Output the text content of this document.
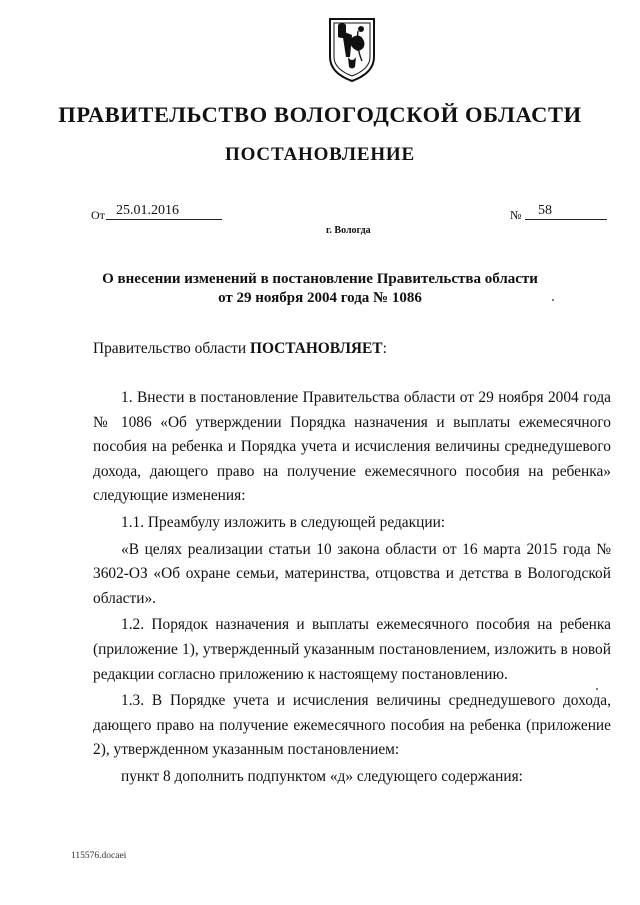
ПРАВИТЕЛЬСТВО ВОЛОГОДСКОЙ ОБЛАСТИ
ПОСТАНОВЛЕНИЕ
От 25.01.2016	№ 58
г. Вологда
О внесении изменений в постановление Правительства области
от 29 ноября 2004 года № 1086
Правительство области ПОСТАНОВЛЯЕТ:

1. Внести в постановление Правительства области от 29 ноября 2004 года № 1086 «Об утверждении Порядка назначения и выплаты ежемесячного пособия на ребенка и Порядка учета и исчисления величины среднедушевого дохода, дающего право на получение ежемесячного пособия на ребенка» следующие изменения:

1.1. Преамбулу изложить в следующей редакции:

«В целях реализации статьи 10 закона области от 16 марта 2015 года № 3602-ОЗ «Об охране семьи, материнства, отцовства и детства в Вологодской области».

1.2. Порядок назначения и выплаты ежемесячного пособия на ребенка (приложение 1), утвержденный указанным постановлением, изложить в новой редакции согласно приложению к настоящему постановлению.

1.3. В Порядке учета и исчисления величины среднедушевого дохода, дающего право на получение ежемесячного пособия на ребенка (приложение 2), утвержденном указанным постановлением:

пункт 8 дополнить подпунктом «д» следующего содержания:

115576.docaei
